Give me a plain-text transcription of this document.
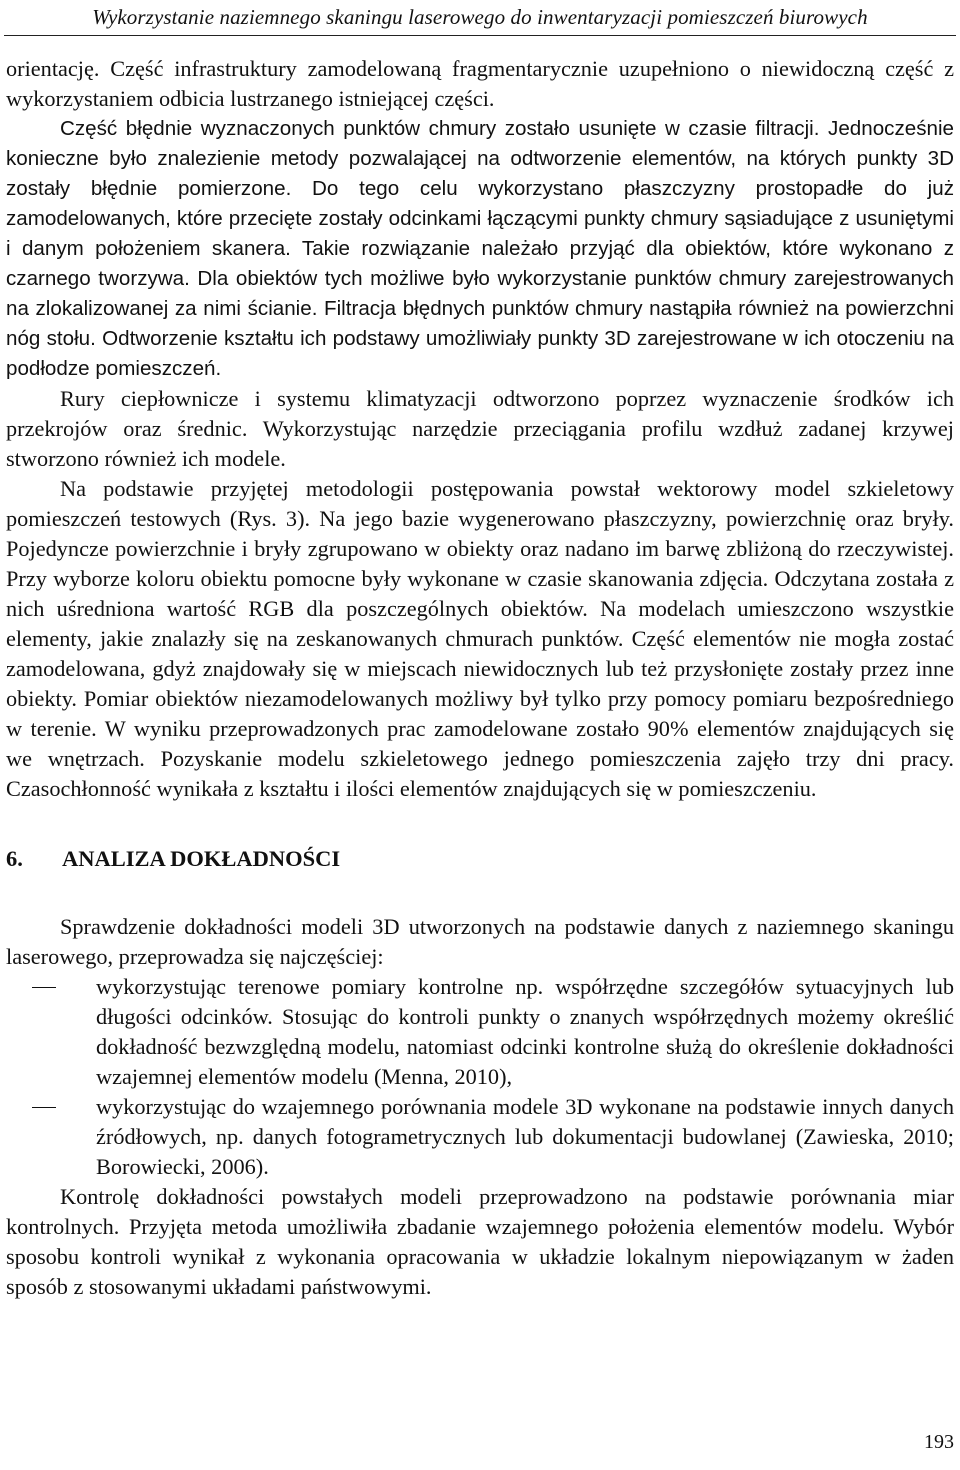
Wykorzystanie naziemnego skaningu laserowego do inwentaryzacji pomieszczeń biurowych

orientację. Część infrastruktury zamodelowaną fragmentarycznie uzupełniono o niewidoczną część z wykorzystaniem odbicia lustrzanego istniejącej części.

Część błędnie wyznaczonych punktów chmury zostało usunięte w czasie filtracji. Jednocześnie konieczne było znalezienie metody pozwalającej na odtworzenie elementów, na których punkty 3D zostały błędnie pomierzone. Do tego celu wykorzystano płaszczyzny prostopadłe do już zamodelowanych, które przecięte zostały odcinkami łączącymi punkty chmury sąsiadujące z usuniętymi i danym położeniem skanera. Takie rozwiązanie należało przyjąć dla obiektów, które wykonano z czarnego tworzywa. Dla obiektów tych możliwe było wykorzystanie punktów chmury zarejestrowanych na zlokalizowanej za nimi ścianie. Filtracja błędnych punktów chmury nastąpiła również na powierzchni nóg stołu. Odtworzenie kształtu ich podstawy umożliwiały punkty 3D zarejestrowane w ich otoczeniu na podłodze pomieszczeń.

Rury ciepłownicze i systemu klimatyzacji odtworzono poprzez wyznaczenie środków ich przekrojów oraz średnic. Wykorzystując narzędzie przeciągania profilu wzdłuż zadanej krzywej stworzono również ich modele.

Na podstawie przyjętej metodologii postępowania powstał wektorowy model szkieletowy pomieszczeń testowych (Rys. 3). Na jego bazie wygenerowano płaszczyzny, powierzchnię oraz bryły. Pojedyncze powierzchnie i bryły zgrupowano w obiekty oraz nadano im barwę zbliżoną do rzeczywistej. Przy wyborze koloru obiektu pomocne były wykonane w czasie skanowania zdjęcia. Odczytana została z nich uśredniona wartość RGB dla poszczególnych obiektów. Na modelach umieszczono wszystkie elementy, jakie znalazły się na zeskanowanych chmurach punktów. Część elementów nie mogła zostać zamodelowana, gdyż znajdowały się w miejscach niewidocznych lub też przysłonięte zostały przez inne obiekty. Pomiar obiektów niezamodelowanych możliwy był tylko przy pomocy pomiaru bezpośredniego w terenie. W wyniku przeprowadzonych prac zamodelowane zostało 90% elementów znajdujących się we wnętrzach. Pozyskanie modelu szkieletowego jednego pomieszczenia zajęło trzy dni pracy. Czasochłonność wynikała z kształtu i ilości elementów znajdujących się w pomieszczeniu.

6.	ANALIZA DOKŁADNOŚCI

Sprawdzenie dokładności modeli 3D utworzonych na podstawie danych z naziemnego skaningu laserowego, przeprowadza się najczęściej:

wykorzystując terenowe pomiary kontrolne np. współrzędne szczegółów sytuacyjnych lub długości odcinków. Stosując do kontroli punkty o znanych współrzędnych możemy określić dokładność bezwzględną modelu, natomiast odcinki kontrolne służą do określenie dokładności wzajemnej elementów modelu (Menna, 2010),
wykorzystując do wzajemnego porównania modele 3D wykonane na podstawie innych danych źródłowych, np. danych fotogrametrycznych lub dokumentacji budowlanej (Zawieska, 2010; Borowiecki, 2006).

Kontrolę dokładności powstałych modeli przeprowadzono na podstawie porównania miar kontrolnych. Przyjęta metoda umożliwiła zbadanie wzajemnego położenia elementów modelu. Wybór sposobu kontroli wynikał z wykonania opracowania w układzie lokalnym niepowiązanym w żaden sposób z stosowanymi układami państwowymi.

193
